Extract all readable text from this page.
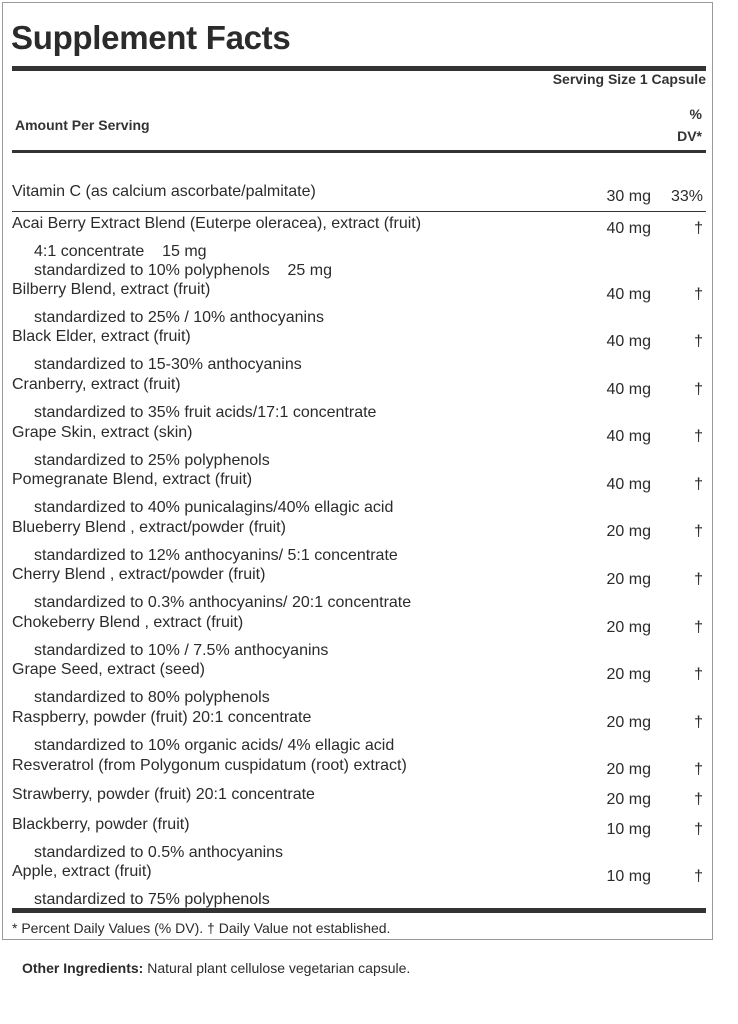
Supplement Facts
Serving Size 1 Capsule
Amount Per Serving
%
DV*
Vitamin C (as calcium ascorbate/palmitate)	30 mg	33%
Acai Berry Extract Blend (Euterpe oleracea), extract (fruit)	40 mg	†
4:1 concentrate    15 mg
standardized to 10% polyphenols    25 mg
Bilberry Blend, extract (fruit)	40 mg	†
standardized to 25% / 10% anthocyanins
Black Elder, extract (fruit)	40 mg	†
standardized to 15-30% anthocyanins
Cranberry, extract (fruit)	40 mg	†
standardized to 35% fruit acids/17:1 concentrate
Grape Skin, extract (skin)	40 mg	†
standardized to 25% polyphenols
Pomegranate Blend, extract (fruit)	40 mg	†
standardized to 40% punicalagins/40% ellagic acid
Blueberry Blend , extract/powder (fruit)	20 mg	†
standardized to 12% anthocyanins/ 5:1 concentrate
Cherry Blend , extract/powder (fruit)	20 mg	†
standardized to 0.3% anthocyanins/ 20:1 concentrate
Chokeberry Blend , extract (fruit)	20 mg	†
standardized to 10% / 7.5% anthocyanins
Grape Seed, extract (seed)	20 mg	†
standardized to 80% polyphenols
Raspberry, powder (fruit) 20:1 concentrate	20 mg	†
standardized to 10% organic acids/ 4% ellagic acid
Resveratrol (from Polygonum cuspidatum (root) extract)	20 mg	†
Strawberry, powder (fruit) 20:1 concentrate	20 mg	†
Blackberry, powder (fruit)	10 mg	†
standardized to 0.5% anthocyanins
Apple, extract (fruit)	10 mg	†
standardized to 75% polyphenols
* Percent Daily Values (% DV). † Daily Value not established.
Other Ingredients: Natural plant cellulose vegetarian capsule.
